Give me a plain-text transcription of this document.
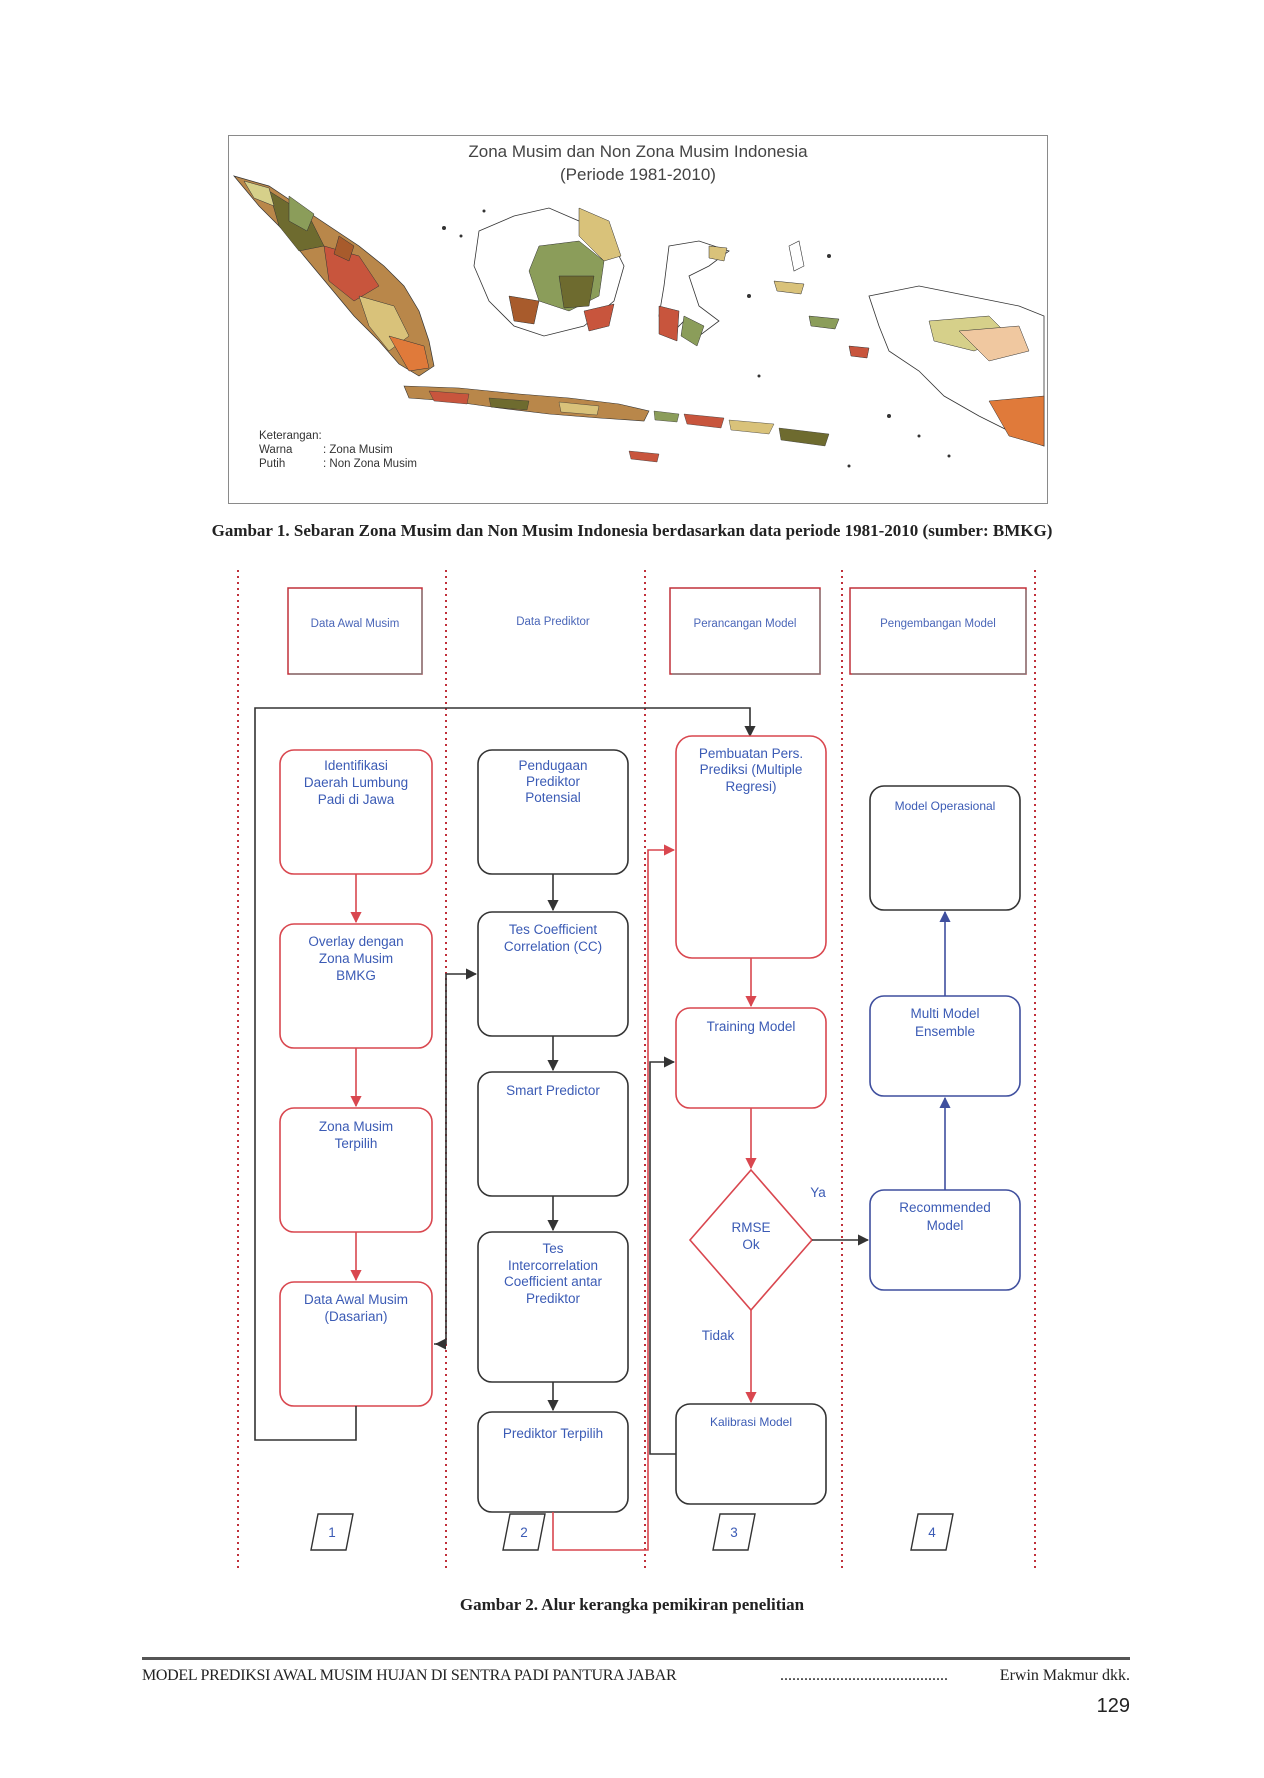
Zona Musim dan Non Zona Musim Indonesia
(Periode 1981-2010)
Keterangan:
Warna	: Zona Musim
Putih	: Non Zona Musim
Gambar 1. Sebaran Zona Musim dan Non Musim Indonesia berdasarkan data periode 1981-2010 (sumber: BMKG)
Data Awal Musim	Data Prediktor	Perancangan Model	Pengembangan Model
Identifikasi
Daerah Lumbung
Padi di Jawa
Overlay dengan
Zona Musim
BMKG
Zona Musim
Terpilih
Data Awal Musim
(Dasarian)
Pendugaan
Prediktor
Potensial
Tes Coefficient
Correlation (CC)
Smart Predictor
Tes
Intercorrelation
Coefficient antar
Prediktor
Prediktor Terpilih
Pembuatan Pers.
Prediksi (Multiple
Regresi)
Training Model
RMSE
Ok
Kalibrasi Model
Ya
Tidak
Model Operasional
Multi Model
Ensemble
Recommended
Model
1	2	3	4
Gambar 2. Alur kerangka pemikiran penelitian
MODEL PREDIKSI AWAL MUSIM HUJAN DI SENTRA PADI PANTURA JABAR	..........................................	Erwin Makmur dkk.
129
